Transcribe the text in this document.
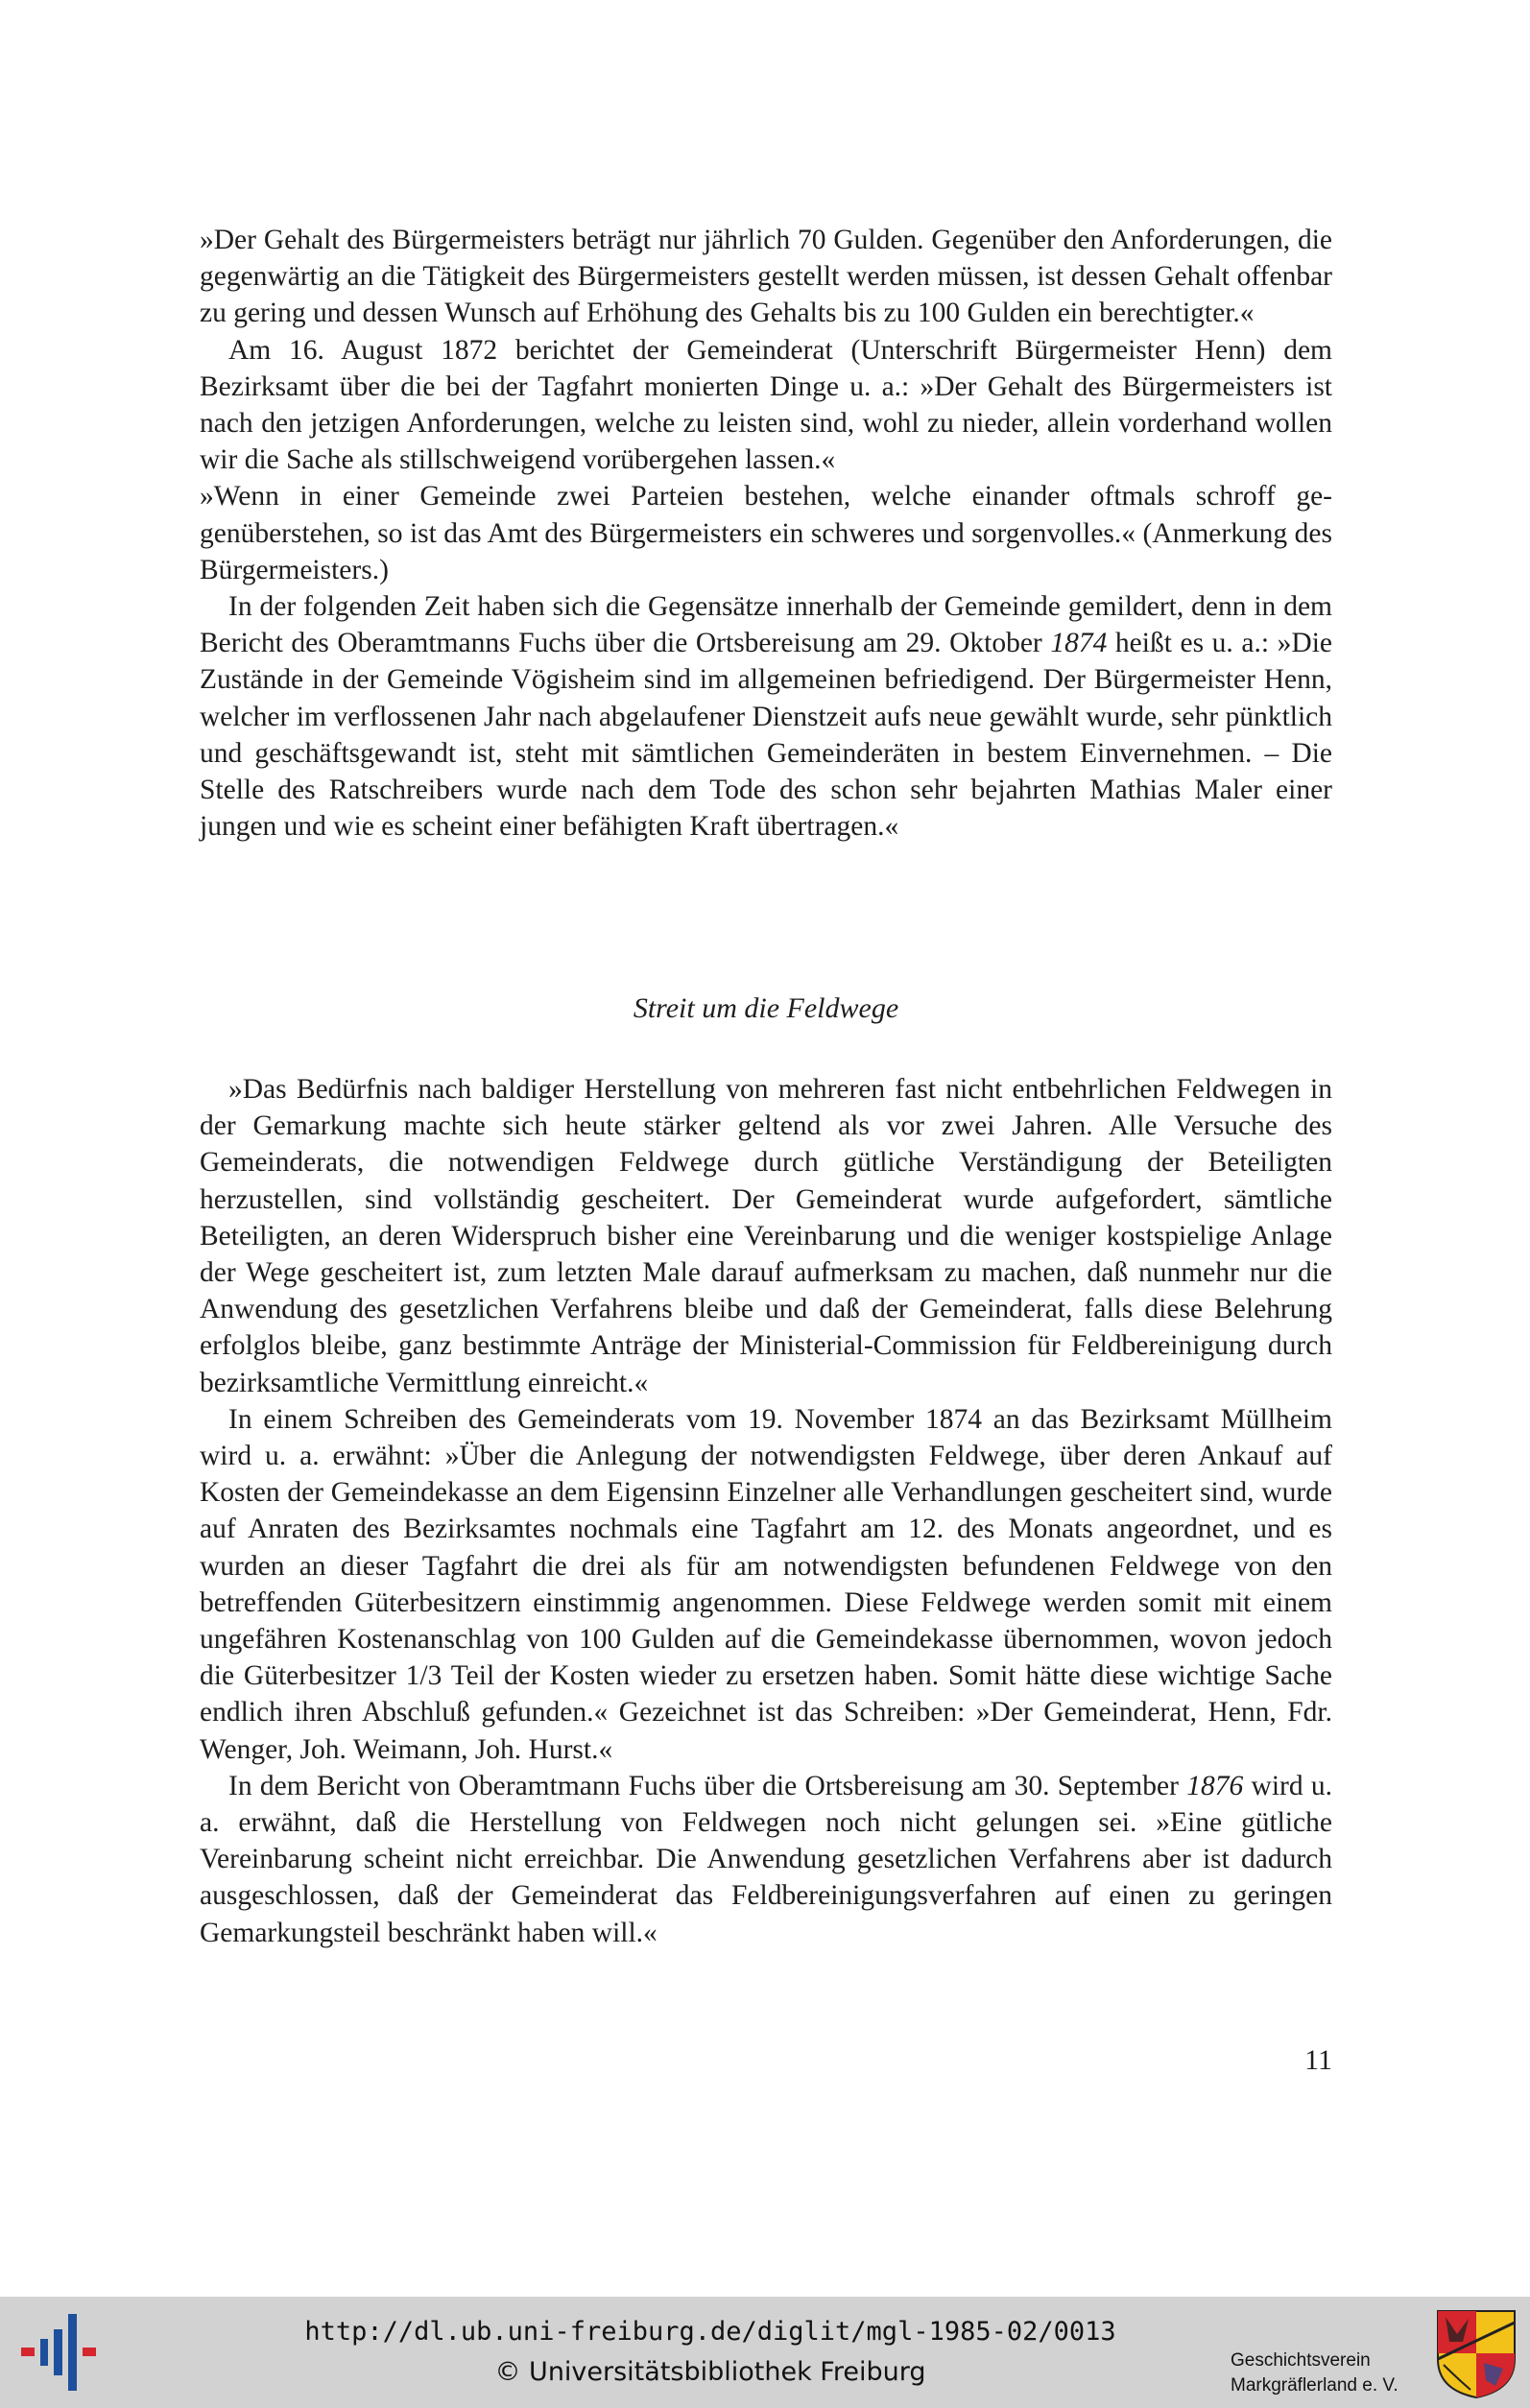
»Der Gehalt des Bürgermeisters beträgt nur jährlich 70 Gulden. Gegenüber den Anforderungen, die gegenwärtig an die Tätigkeit des Bürgermeisters gestellt werden müssen, ist dessen Gehalt offenbar zu gering und dessen Wunsch auf Erhöhung des Gehalts bis zu 100 Gulden ein berechtigter.«

Am 16. August 1872 berichtet der Gemeinderat (Unterschrift Bürgermeister Henn) dem Bezirksamt über die bei der Tagfahrt monierten Dinge u. a.: »Der Gehalt des Bürgermeisters ist nach den jetzigen Anforderungen, welche zu leisten sind, wohl zu nieder, allein vorderhand wollen wir die Sache als stillschweigend vorübergehen lassen.«

»Wenn in einer Gemeinde zwei Parteien bestehen, welche einander oftmals schroff gegenüberstehen, so ist das Amt des Bürgermeisters ein schweres und sorgenvolles.« (Anmerkung des Bürgermeisters.)

In der folgenden Zeit haben sich die Gegensätze innerhalb der Gemeinde gemildert, denn in dem Bericht des Oberamtmanns Fuchs über die Ortsbereisung am 29. Oktober 1874 heißt es u. a.: »Die Zustände in der Gemeinde Vögisheim sind im allgemeinen befriedigend. Der Bürgermeister Henn, welcher im verflossenen Jahr nach abgelaufener Dienstzeit aufs neue gewählt wurde, sehr pünktlich und geschäftsgewandt ist, steht mit sämtlichen Gemeinderäten in bestem Einvernehmen. – Die Stelle des Ratschreibers wurde nach dem Tode des schon sehr bejahrten Mathias Maler einer jungen und wie es scheint einer befähigten Kraft übertragen.«

Streit um die Feldwege

»Das Bedürfnis nach baldiger Herstellung von mehreren fast nicht entbehrlichen Feldwegen in der Gemarkung machte sich heute stärker geltend als vor zwei Jahren. Alle Versuche des Gemeinderats, die notwendigen Feldwege durch gütliche Verständigung der Beteiligten herzustellen, sind vollständig gescheitert. Der Gemeinderat wurde aufgefordert, sämtliche Beteiligten, an deren Widerspruch bisher eine Vereinbarung und die weniger kostspielige Anlage der Wege gescheitert ist, zum letzten Male darauf aufmerksam zu machen, daß nunmehr nur die Anwendung des gesetzlichen Verfahrens bleibe und daß der Gemeinderat, falls diese Belehrung erfolglos bleibe, ganz bestimmte Anträge der Ministerial-Commission für Feldbereinigung durch bezirksamtliche Vermittlung einreicht.«

In einem Schreiben des Gemeinderats vom 19. November 1874 an das Bezirksamt Müllheim wird u. a. erwähnt: »Über die Anlegung der notwendigsten Feldwege, über deren Ankauf auf Kosten der Gemeindekasse an dem Eigensinn Einzelner alle Verhandlungen gescheitert sind, wurde auf Anraten des Bezirksamtes nochmals eine Tagfahrt am 12. des Monats angeordnet, und es wurden an dieser Tagfahrt die drei als für am notwendigsten befundenen Feldwege von den betreffenden Güterbesitzern einstimmig angenommen. Diese Feldwege werden somit mit einem ungefähren Kostenanschlag von 100 Gulden auf die Gemeindekasse übernommen, wovon jedoch die Güterbesitzer 1/3 Teil der Kosten wieder zu ersetzen haben. Somit hätte diese wichtige Sache endlich ihren Abschluß gefunden.« Gezeichnet ist das Schreiben: »Der Gemeinderat, Henn, Fdr. Wenger, Joh. Weimann, Joh. Hurst.«

In dem Bericht von Oberamtmann Fuchs über die Ortsbereisung am 30. September 1876 wird u. a. erwähnt, daß die Herstellung von Feldwegen noch nicht gelungen sei. »Eine gütliche Vereinbarung scheint nicht erreichbar. Die Anwendung gesetzlichen Verfahrens aber ist dadurch ausgeschlossen, daß der Gemeinderat das Feldbereinigungsverfahren auf einen zu geringen Gemarkungsteil beschränkt haben will.«

11
http://dl.ub.uni-freiburg.de/diglit/mgl-1985-02/0013
© Universitätsbibliothek Freiburg	Geschichtsverein
Markgräflerland e. V.
